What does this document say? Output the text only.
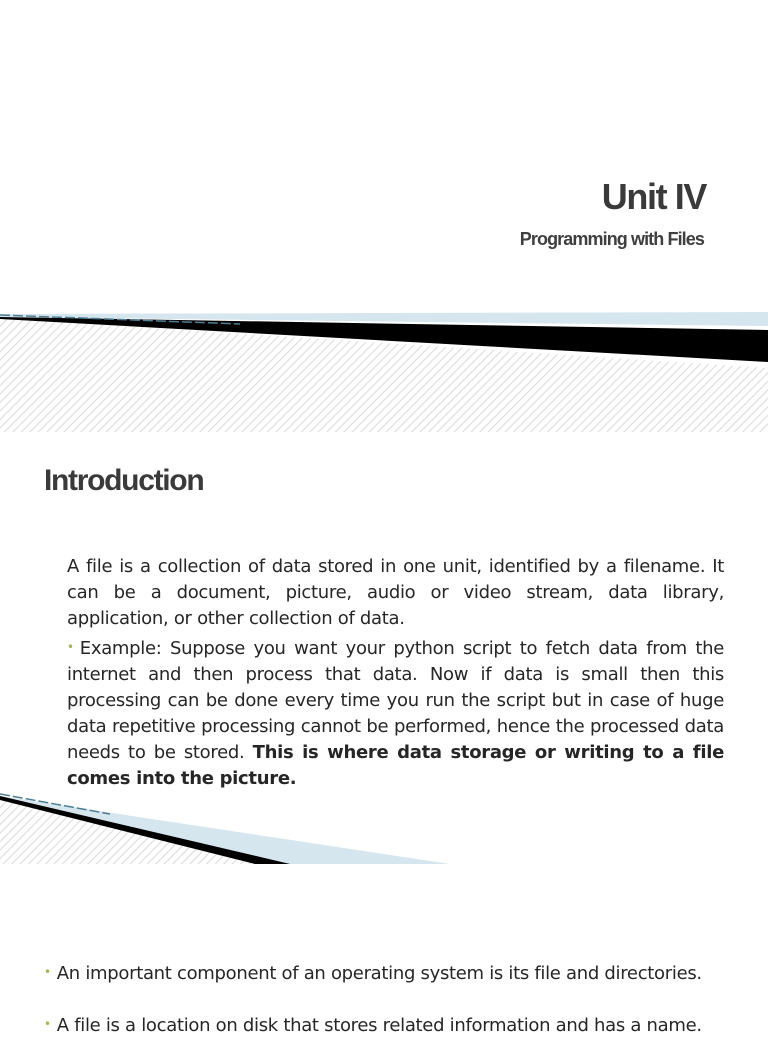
Unit IV
Programming with Files
Introduction

A file is a collection of data stored in one unit, identified by a filename. It can be a document, picture, audio or video stream, data library, application, or other collection of data.

• Example: Suppose you want your python script to fetch data from the internet and then process that data. Now if data is small then this processing can be done every time you run the script but in case of huge data repetitive processing cannot be performed, hence the processed data needs to be stored. This is where data storage or writing to a file comes into the picture.

• An important component of an operating system is its file and directories.

• A file is a location on disk that stores related information and has a name.
